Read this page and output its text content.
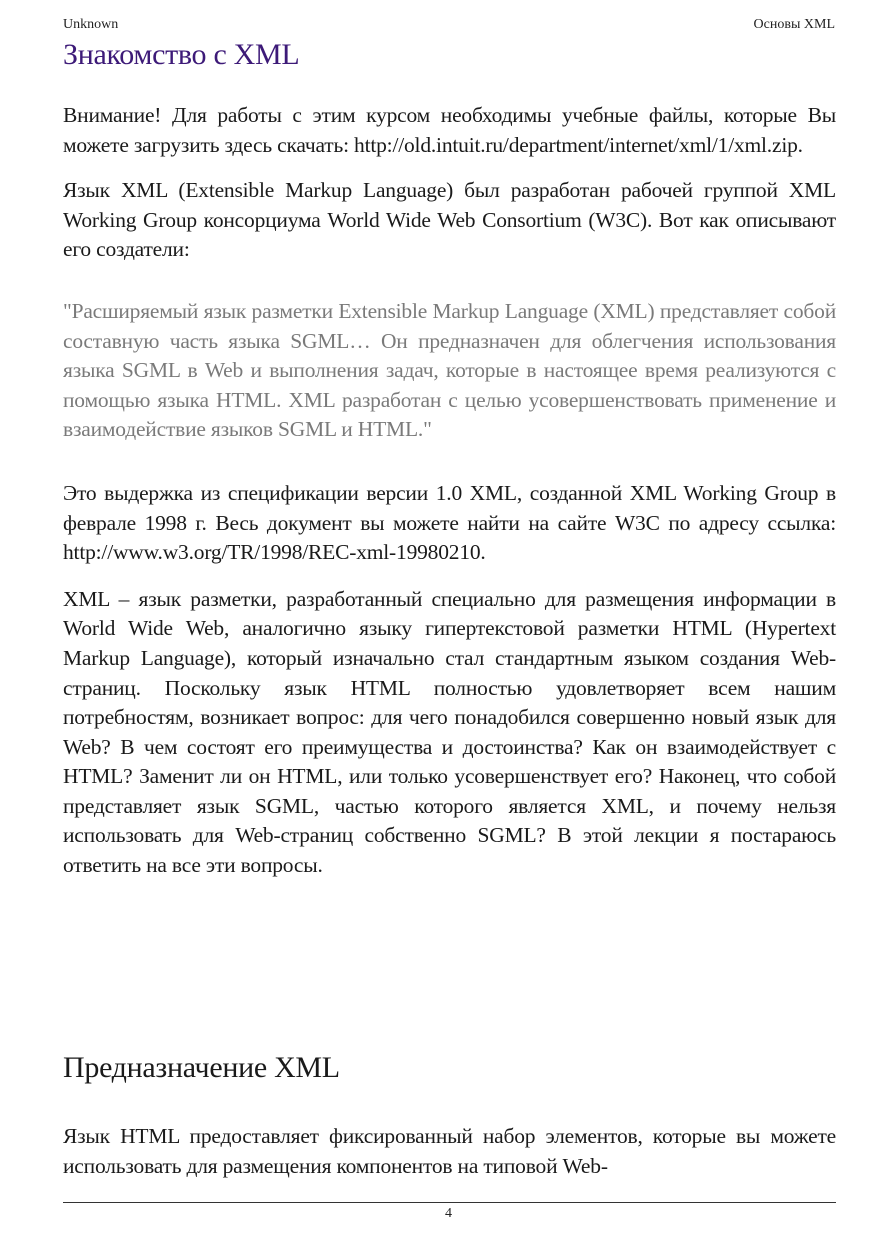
Unknown	Основы XML
Знакомство с XML

Внимание! Для работы с этим курсом необходимы учебные файлы, которые Вы можете загрузить здесь скачать: http://old.intuit.ru/department/internet/xml/1/xml.zip.

Язык XML (Extensible Markup Language) был разработан рабочей группой XML Working Group консорциума World Wide Web Consortium (W3C). Вот как описывают его создатели:

"Расширяемый язык разметки Extensible Markup Language (XML) представляет собой составную часть языка SGML… Он предназначен для облегчения использования языка SGML в Web и выполнения задач, которые в настоящее время реализуются с помощью языка HTML. XML разработан с целью усовершенствовать применение и взаимодействие языков SGML и HTML."

Это выдержка из спецификации версии 1.0 XML, созданной XML Working Group в феврале 1998 г. Весь документ вы можете найти на сайте W3C по адресу ссылка: http://www.w3.org/TR/1998/REC-xml-19980210.

XML – язык разметки, разработанный специально для размещения информации в World Wide Web, аналогично языку гипертекстовой разметки HTML (Hypertext Markup Language), который изначально стал стандартным языком создания Web-страниц. Поскольку язык HTML полностью удовлетворяет всем нашим потребностям, возникает вопрос: для чего понадобился совершенно новый язык для Web? В чем состоят его преимущества и достоинства? Как он взаимодействует с HTML? Заменит ли он HTML, или только усовершенствует его? Наконец, что собой представляет язык SGML, частью которого является XML, и почему нельзя использовать для Web-страниц собственно SGML? В этой лекции я постараюсь ответить на все эти вопросы.

Предназначение XML

Язык HTML предоставляет фиксированный набор элементов, которые вы можете использовать для размещения компонентов на типовой Web-

4
